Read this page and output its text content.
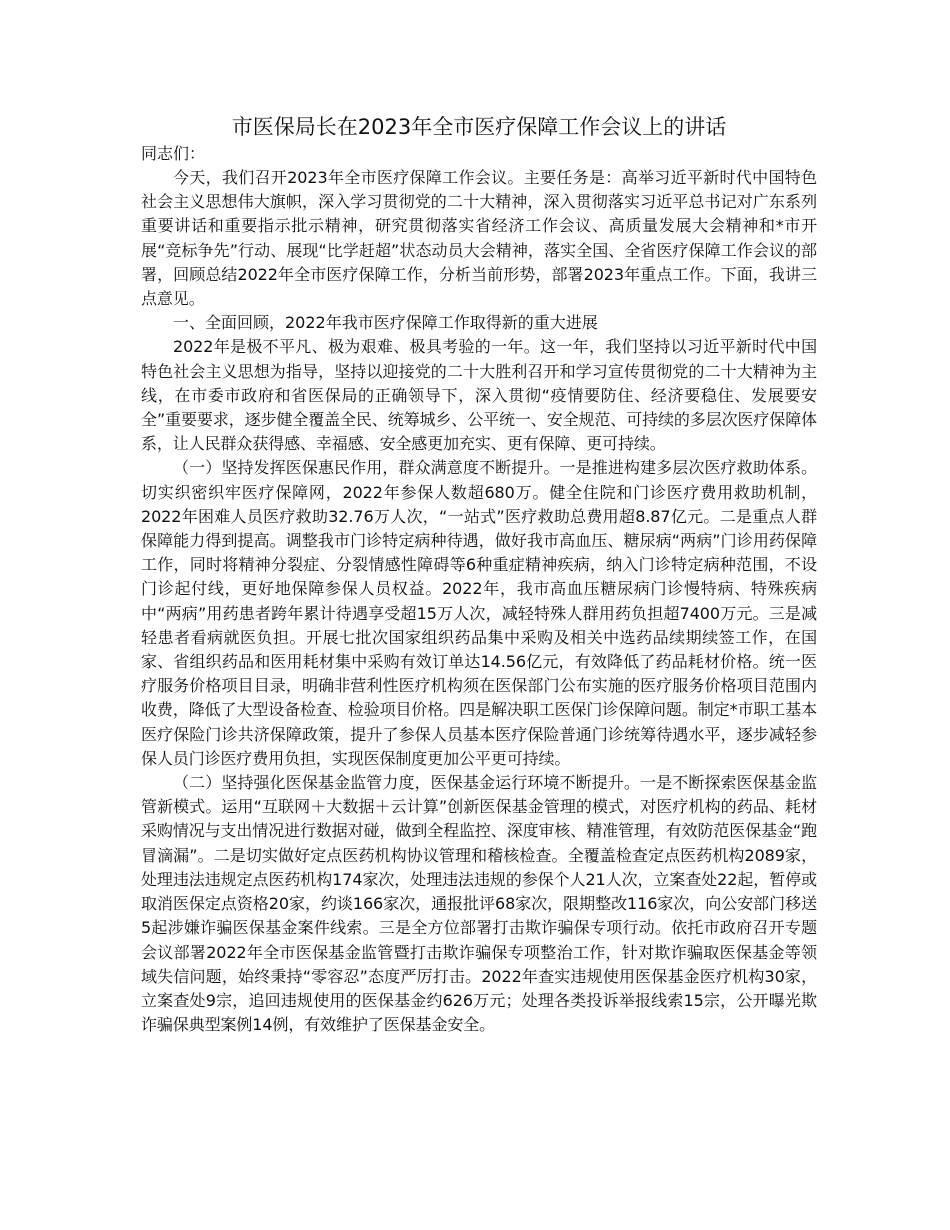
市医保局长在2023年全市医疗保障工作会议上的讲话

同志们：

今天，我们召开2023年全市医疗保障工作会议。主要任务是：高举习近平新时代中国特色社会主义思想伟大旗帜，深入学习贯彻党的二十大精神，深入贯彻落实习近平总书记对广东系列重要讲话和重要指示批示精神，研究贯彻落实省经济工作会议、高质量发展大会精神和*市开展“竞标争先”行动、展现“比学赶超”状态动员大会精神，落实全国、全省医疗保障工作会议的部署，回顾总结2022年全市医疗保障工作，分析当前形势，部署2023年重点工作。下面，我讲三点意见。

一、全面回顾，2022年我市医疗保障工作取得新的重大进展

2022年是极不平凡、极为艰难、极具考验的一年。这一年，我们坚持以习近平新时代中国特色社会主义思想为指导，坚持以迎接党的二十大胜利召开和学习宣传贯彻党的二十大精神为主线，在市委市政府和省医保局的正确领导下，深入贯彻“疫情要防住、经济要稳住、发展要安全”重要要求，逐步健全覆盖全民、统筹城乡、公平统一、安全规范、可持续的多层次医疗保障体系，让人民群众获得感、幸福感、安全感更加充实、更有保障、更可持续。

（一）坚持发挥医保惠民作用，群众满意度不断提升。一是推进构建多层次医疗救助体系。切实织密织牢医疗保障网，2022年参保人数超680万。健全住院和门诊医疗费用救助机制，2022年困难人员医疗救助32.76万人次，“一站式”医疗救助总费用超8.87亿元。二是重点人群保障能力得到提高。调整我市门诊特定病种待遇，做好我市高血压、糖尿病“两病”门诊用药保障工作，同时将精神分裂症、分裂情感性障碍等6种重症精神疾病，纳入门诊特定病种范围，不设门诊起付线，更好地保障参保人员权益。2022年，我市高血压糖尿病门诊慢特病、特殊疾病中“两病”用药患者跨年累计待遇享受超15万人次，减轻特殊人群用药负担超7400万元。三是减轻患者看病就医负担。开展七批次国家组织药品集中采购及相关中选药品续期续签工作，在国家、省组织药品和医用耗材集中采购有效订单达14.56亿元，有效降低了药品耗材价格。统一医疗服务价格项目目录，明确非营利性医疗机构须在医保部门公布实施的医疗服务价格项目范围内收费，降低了大型设备检查、检验项目价格。四是解决职工医保门诊保障问题。制定*市职工基本医疗保险门诊共济保障政策，提升了参保人员基本医疗保险普通门诊统筹待遇水平，逐步减轻参保人员门诊医疗费用负担，实现医保制度更加公平更可持续。

（二）坚持强化医保基金监管力度，医保基金运行环境不断提升。一是不断探索医保基金监管新模式。运用“互联网＋大数据＋云计算”创新医保基金管理的模式，对医疗机构的药品、耗材采购情况与支出情况进行数据对碰，做到全程监控、深度审核、精准管理，有效防范医保基金“跑冒滴漏”。二是切实做好定点医药机构协议管理和稽核检查。全覆盖检查定点医药机构2089家，处理违法违规定点医药机构174家次，处理违法违规的参保个人21人次，立案查处22起，暂停或取消医保定点资格20家，约谈166家次，通报批评68家次，限期整改116家次，向公安部门移送5起涉嫌诈骗医保基金案件线索。三是全方位部署打击欺诈骗保专项行动。依托市政府召开专题会议部署2022年全市医保基金监管暨打击欺诈骗保专项整治工作，针对欺诈骗取医保基金等领域失信问题，始终秉持“零容忍”态度严厉打击。2022年查实违规使用医保基金医疗机构30家，立案查处9宗，追回违规使用的医保基金约626万元；处理各类投诉举报线索15宗，公开曝光欺诈骗保典型案例14例，有效维护了医保基金安全。
